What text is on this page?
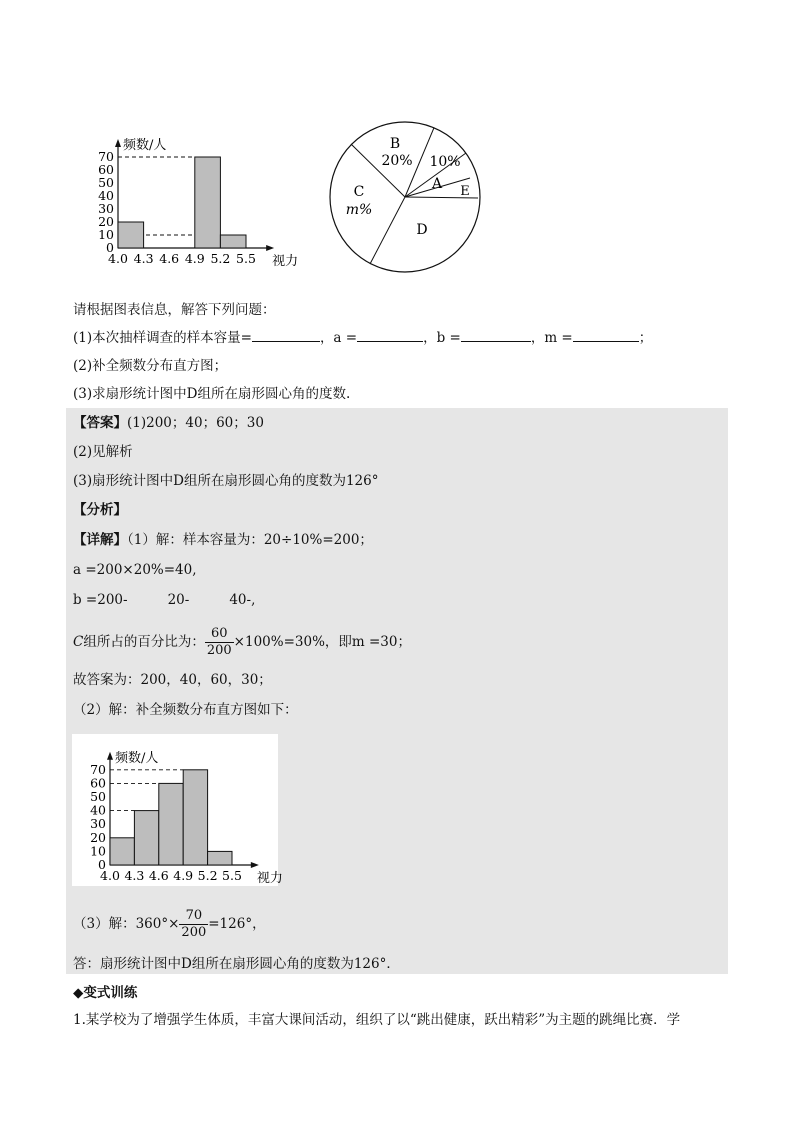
70
60
50
40
30
20
10
0
4.0 4.3 4.6 4.9 5.2 5.5
频数/人
视力
B
20% 10%
A E
C
m%
D
请根据图表信息，解答下列问题：
(1)本次抽样调查的样本容量=	，a =	，b =	，m =	；
(2)补全频数分布直方图；
(3)求扇形统计图中D组所在扇形圆心角的度数.
【答案】(1)200；40；60；30
(2)见解析
(3)扇形统计图中D组所在扇形圆心角的度数为126°
【分析】
【详解】（1）解：样本容量为：20÷10%=200；
a =200×20%=40,
b =200-	20-	40-,
C组所占的百分比为： $\frac{60}{200} \times 100\%=30\%$，即m =30；
故答案为：200，40，60，30；
（2）解：补全频数分布直方图如下：
70
60
50
40
30
20
10
0
4.0 4.3 4.6 4.9 5.2 5.5
频数/人
视力
（3）解：$360^\circ\times \frac{70}{200} =126^\circ$，
答：扇形统计图中D组所在扇形圆心角的度数为126°．
◆变式训练
1.某学校为了增强学生体质，丰富大课间活动，组织了以“跳出健康，跃出精彩”为主题的跳绳比赛．学
